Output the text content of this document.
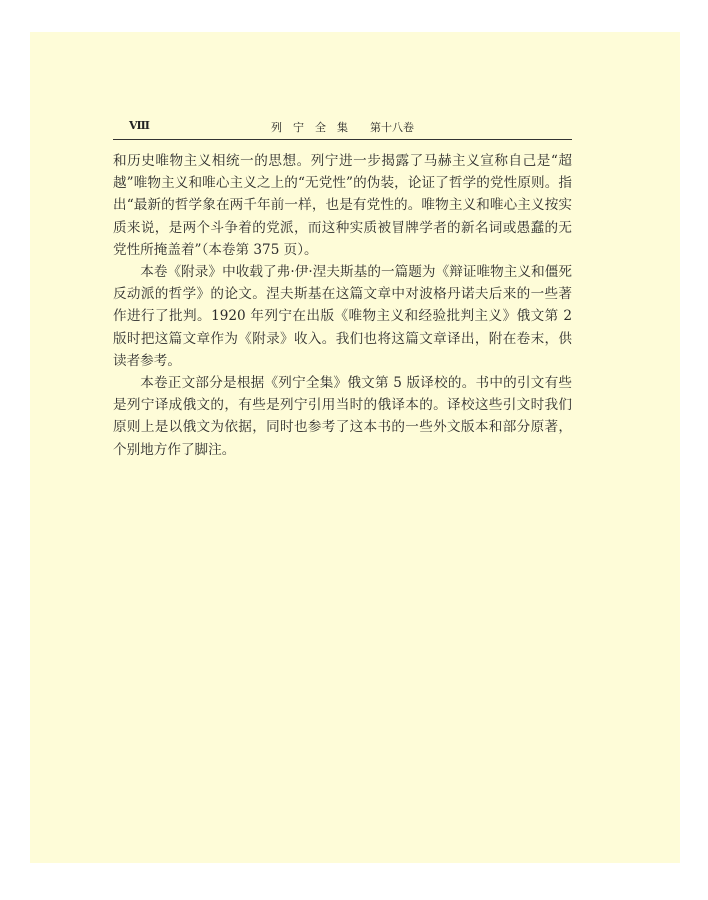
Ⅷ	列　宁　全　集　　第十八卷

和历史唯物主义相统一的思想。列宁进一步揭露了马赫主义宣称自己是“超越”唯物主义和唯心主义之上的“无党性”的伪装，论证了哲学的党性原则。指出“最新的哲学象在两千年前一样，也是有党性的。唯物主义和唯心主义按实质来说，是两个斗争着的党派，而这种实质被冒牌学者的新名词或愚蠢的无党性所掩盖着”（本卷第 375 页）。

本卷《附录》中收载了弗·伊·涅夫斯基的一篇题为《辩证唯物主义和僵死反动派的哲学》的论文。涅夫斯基在这篇文章中对波格丹诺夫后来的一些著作进行了批判。1920 年列宁在出版《唯物主义和经验批判主义》俄文第 2 版时把这篇文章作为《附录》收入。我们也将这篇文章译出，附在卷末，供读者参考。

本卷正文部分是根据《列宁全集》俄文第 5 版译校的。书中的引文有些是列宁译成俄文的，有些是列宁引用当时的俄译本的。译校这些引文时我们原则上是以俄文为依据，同时也参考了这本书的一些外文版本和部分原著，个别地方作了脚注。
